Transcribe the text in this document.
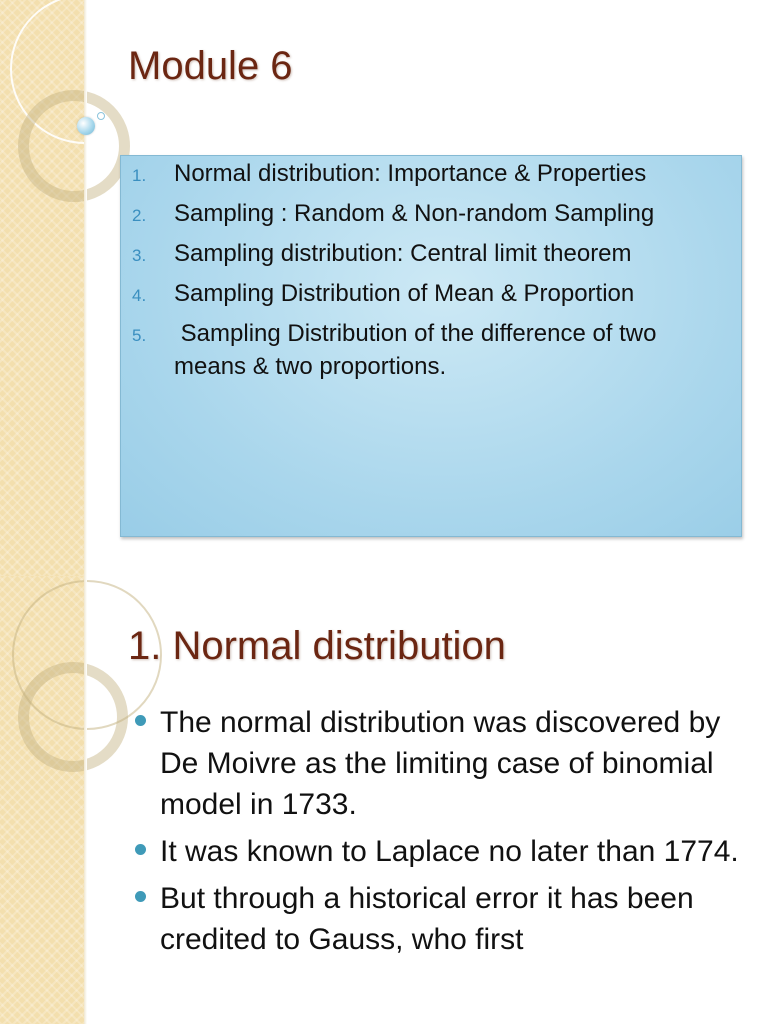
Module 6
1. Normal distribution: Importance & Properties
2. Sampling : Random & Non-random Sampling
3. Sampling distribution: Central limit theorem
4. Sampling Distribution of Mean & Proportion
5. Sampling Distribution of the difference of two means & two proportions.
1. Normal distribution
The normal distribution was discovered by De Moivre as the limiting case of binomial model in 1733.
It was known to Laplace no later than 1774.
But through a historical error it has been credited to Gauss, who first
